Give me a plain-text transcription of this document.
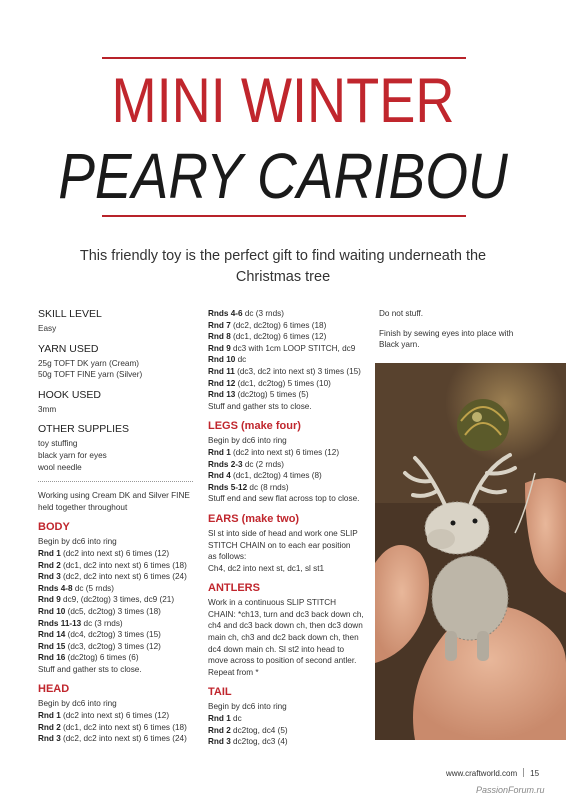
MINI WINTER
PEARY CARIBOU
This friendly toy is the perfect gift to find waiting underneath the Christmas tree
SKILL LEVEL
Easy
YARN USED
25g TOFT DK yarn (Cream)
50g TOFT FINE yarn (Silver)
HOOK USED
3mm
OTHER SUPPLIES
toy stuffing
black yarn for eyes
wool needle
Working using Cream DK and Silver FINE
held together throughout
BODY
Begin by dc6 into ring
Rnd 1 (dc2 into next st) 6 times (12)
Rnd 2 (dc1, dc2 into next st) 6 times (18)
Rnd 3 (dc2, dc2 into next st) 6 times (24)
Rnds 4-8 dc (5 rnds)
Rnd 9 dc9, (dc2tog) 3 times, dc9 (21)
Rnd 10 (dc5, dc2tog) 3 times (18)
Rnds 11-13 dc (3 rnds)
Rnd 14 (dc4, dc2tog) 3 times (15)
Rnd 15 (dc3, dc2tog) 3 times (12)
Rnd 16 (dc2tog) 6 times (6)
Stuff and gather sts to close.
HEAD
Begin by dc6 into ring
Rnd 1 (dc2 into next st) 6 times (12)
Rnd 2 (dc1, dc2 into next st) 6 times (18)
Rnd 3 (dc2, dc2 into next st) 6 times (24)
Rnds 4-6 dc (3 rnds)
Rnd 7 (dc2, dc2tog) 6 times (18)
Rnd 8 (dc1, dc2tog) 6 times (12)
Rnd 9 dc3 with 1cm LOOP STITCH, dc9
Rnd 10 dc
Rnd 11 (dc3, dc2 into next st) 3 times (15)
Rnd 12 (dc1, dc2tog) 5 times (10)
Rnd 13 (dc2tog) 5 times (5)
Stuff and gather sts to close.
LEGS (make four)
Begin by dc6 into ring
Rnd 1 (dc2 into next st) 6 times (12)
Rnds 2-3 dc (2 rnds)
Rnd 4 (dc1, dc2tog) 4 times (8)
Rnds 5-12 dc (8 rnds)
Stuff end and sew flat across top to close.
EARS (make two)
Sl st into side of head and work one SLIP
STITCH CHAIN on to each ear position
as follows:
Ch4, dc2 into next st, dc1, sl st1
ANTLERS
Work in a continuous SLIP STITCH
CHAIN: *ch13, turn and dc3 back down ch,
ch4 and dc3 back down ch, then dc3 down
main ch, ch3 and dc2 back down ch, then
dc4 down main ch. Sl st2 into head to
move across to position of second antler.
Repeat from *
TAIL
Begin by dc6 into ring
Rnd 1 dc
Rnd 2 dc2tog, dc4 (5)
Rnd 3 dc2tog, dc3 (4)
Do not stuff.
Finish by sewing eyes into place with
Black yarn.
www.craftworld.com 15
PassionForum.ru
